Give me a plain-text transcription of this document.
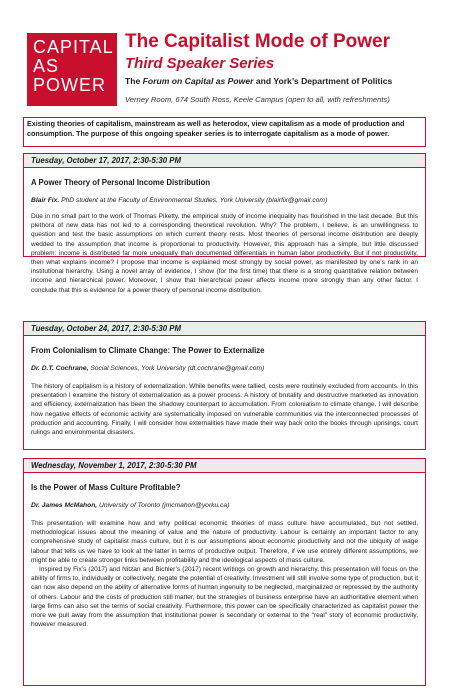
CAPITAL
AS
POWER
The Capitalist Mode of Power
Third Speaker Series
The Forum on Capital as Power and York’s Department of Politics
Verney Room, 674 South Ross, Keele Campus (open to all, with refreshments)
Existing theories of capitalism, mainstream as well as heterodox, view capitalism as a mode of production and consumption. The purpose of this ongoing speaker series is to interrogate capitalism as a mode of power.
Tuesday, October 17, 2017, 2:30-5:30 PM
A Power Theory of Personal Income Distribution
Blair Fix. PhD student at the Faculty of Environmental Studies, York University (blairfix@gmail.com)

Due in no small part to the work of Thomas Piketty, the empirical study of income inequality has flourished in the last decade. But this plethora of new data has not led to a corresponding theoretical revolution. Why? The problem, I believe, is an unwillingness to question and test the basic assumptions on which current theory rests. Most theories of personal income distribution are deeply wedded to the assumption that income is proportional to productivity. However, this approach has a simple, but little discussed problem: income is distributed far more unequally than documented differentials in human labor productivity. But if not productivity, then what explains income? I propose that income is explained most strongly by social power, as manifested by one’s rank in an institutional hierarchy. Using a novel array of evidence, I show (for the first time) that there is a strong quantitative relation between income and hierarchical power. Moreover, I show that hierarchical power affects income more strongly than any other factor. I conclude that this is evidence for a power theory of personal income distribution.

Tuesday, October 24, 2017, 2:30-5:30 PM
From Colonialism to Climate Change: The Power to Externalize
Dr. D.T. Cochrane, Social Sciences, York University (dt.cochrane@gmail.com)

The history of capitalism is a history of externalization. While benefits were tallied, costs were routinely excluded from accounts. In this presentation I examine the history of externalization as a power process. A history of brutality and destructive marketed as innovation and efficiency, externalization has been the shadowy counterpart to accumulation. From colonialism to climate change, I will describe how negative effects of economic activity are systematically imposed on vulnerable communities via the interconnected processes of production and accounting. Finally, I will consider how externalities have made their way back onto the books through uprisings, court rulings and environmental disasters.

Wednesday, November 1, 2017, 2:30-5:30 PM
Is the Power of Mass Culture Profitable?
Dr. James McMahon, University of Toronto (jmcmahon@yorku.ca)

This presentation will examine how and why political economic theories of mass culture have accumulated, but not settled, methodological issues about the meaning of value and the nature of productivity. Labour is certainly an important factor to any comprehensive study of capitalist mass culture, but it is our assumptions about economic productivity and not the ubiquity of wage labour that tells us we have to look at the latter in terms of productive output. Therefore, if we use entirely different assumptions, we might be able to create stronger links between profitability and the ideological aspects of mass culture.

Inspired by Fix’s (2017) and Nitzan and Bichler’s (2017) recent writings on growth and hierarchy, this presentation will focus on the ability of firms to, individually or collectively, negate the potential of creativity. Investment will still involve some type of production, but it can now also depend on the ability of alternative forms of human ingenuity to be neglected, marginalized or repressed by the authority of others. Labour and the costs of production still matter, but the strategies of business enterprise have an authoritative element when large firms can also set the terms of social creativity. Furthermore, this power can be specifically characterized as capitalist power the more we pull away from the assumption that institutional power is secondary or external to the “real” story of economic productivity, however measured.
